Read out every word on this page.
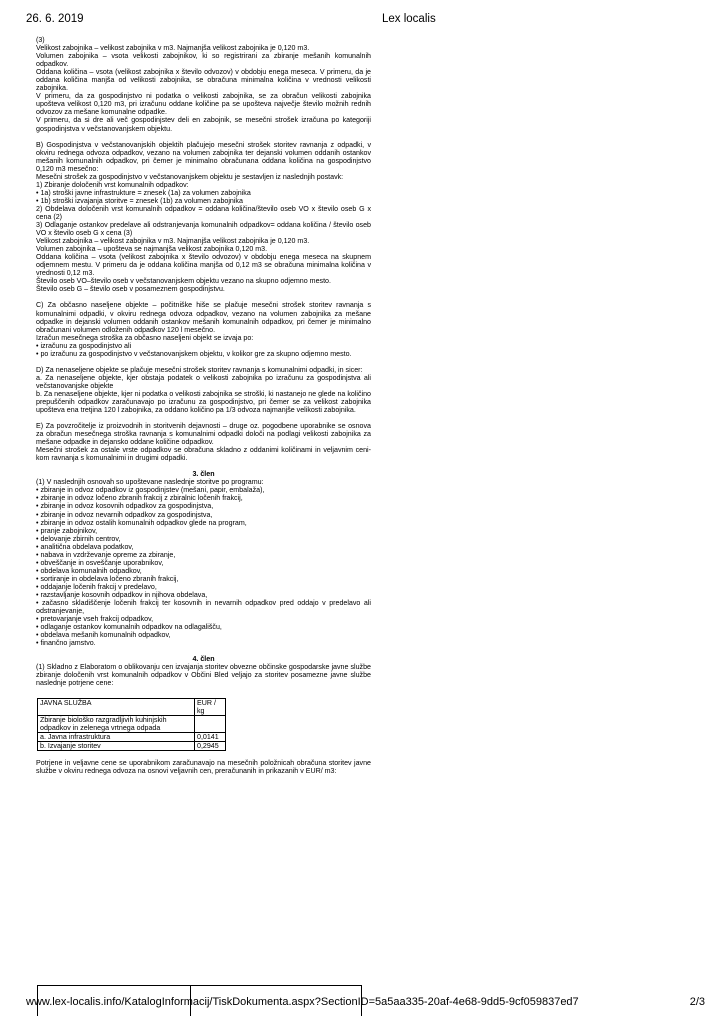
26. 6. 2019	Lex localis

(3)

Velikost zabojnika – velikost zabojnika v m3. Najmanjša velikost zabojnika je 0,120 m3.

Volumen zabojnika – vsota velikosti zabojnikov, ki so registrirani za zbiranje mešanih komunalnih odpadkov.

Oddana količina – vsota (velikost zabojnika x število odvozov) v obdobju enega meseca. V primeru, da je oddana količina manjša od velikosti zabojnika, se obračuna minimalna količina v vrednosti velikosti zabojnika.

V primeru, da za gospodinjstvo ni podatka o velikosti zabojnika, se za obračun velikosti zabojnika upošteva velikost 0,120 m3, pri izračunu oddane količine pa se upošteva največje število možnih rednih odvozov za mešane komunalne odpadke.

V primeru, da si dre ali več gospodinjstev deli en zabojnik, se mesečni strošek izračuna po kategoriji gospodinjstva v večstanovanjskem objektu.

B) Gospodinjstva v večstanovanjskih objektih plačujejo mesečni strošek storitev ravnanja z odpadki, v okviru rednega odvoza odpadkov, vezano na volumen zabojnika ter dejanski volumen oddanih ostankov mešanih komunalnih odpadkov, pri čemer je minimalno obračunana oddana količina na gospodinjstvo 0,120 m3 mesečno:

Mesečni strošek za gospodinjstvo v večstanovanjskem objektu je sestavljen iz naslednjih postavk:

1) Zbiranje določenih vrst komunalnih odpadkov:

• 1a) stroški javne infrastrukture = znesek (1a) za volumen zabojnika

• 1b) stroški izvajanja storitve = znesek (1b) za volumen zabojnika

2) Obdelava določenih vrst komunalnih odpadkov = oddana količina/število oseb VO x število oseb G x cena (2)

3) Odlaganje ostankov predelave ali odstranjevanja komunalnih odpadkov= oddana količina / število oseb VO x število oseb G x cena (3)

Velikost zabojnika – velikost zabojnika v m3. Najmanjša velikost zabojnika je 0,120 m3.

Volumen zabojnika – upošteva se najmanjša velikost zabojnika 0,120 m3.

Oddana količina – vsota (velikost zabojnika x število odvozov) v obdobju enega meseca na skupnem odjemnem mestu. V primeru da je oddana količina manjša od 0,12 m3 se obračuna minimalna količina v vrednosti 0,12 m3.

Število oseb VO–število oseb v večstanovanjskem objektu vezano na skupno odjemno mesto.

Število oseb G – število oseb v posameznem gospodinjstvu.

C) Za občasno naseljene objekte – počitniške hiše se plačuje mesečni strošek storitev ravnanja s komunalnimi odpadki, v okviru rednega odvoza odpadkov, vezano na volumen zabojnika za mešane odpadke in dejanski volumen oddanih ostankov mešanih komunalnih odpadkov, pri čemer je minimalno obračunani volumen odloženih odpadkov 120 l mesečno.

Izračun mesečnega stroška za občasno naseljeni objekt se izvaja po:

• izračunu za gospodinjstvo ali

• po izračunu za gospodinjstvo v večstanovanjskem objektu, v kolikor gre za skupno odjemno mesto.

D) Za nenaseljene objekte se plačuje mesečni strošek storitev ravnanja s komunalnimi odpadki, in sicer:

a. Za nenaseljene objekte, kjer obstaja podatek o velikosti zabojnika po izračunu za gospodinjstva ali večstanovanjske objekte

b. Za nenaseljene objekte, kjer ni podatka o velikosti zabojnika se stroški, ki nastanejo ne glede na količino prepuščenih odpadkov zaračunavajo po izračunu za gospodinjstvo, pri čemer se za velikost zabojnika upošteva ena tretjina 120 l zabojnika, za oddano količino pa 1/3 odvoza najmanjše velikosti zabojnika.

E) Za povzročitelje iz proizvodnih in storitvenih dejavnosti – druge oz. pogodbene uporabnike se osnova za obračun mesečnega stroška ravnanja s komunalnimi odpadki določi na podlagi velikosti zabojnika za mešane odpadke in dejansko oddane količine odpadkov.

Mesečni strošek za ostale vrste odpadkov se obračuna skladno z oddanimi količinami in veljavnim cenikom ravnanja s komunalnimi in drugimi odpadki.

3. člen

(1) V naslednjih osnovah so upoštevane naslednje storitve po programu:

• zbiranje in odvoz odpadkov iz gospodinjstev (mešani, papir, embalaža),

• zbiranje in odvoz ločeno zbranih frakcij z zbiralnic ločenih frakcij,

• zbiranje in odvoz kosovnih odpadkov za gospodinjstva,

• zbiranje in odvoz nevarnih odpadkov za gospodinjstva,

• zbiranje in odvoz ostalih komunalnih odpadkov glede na program,

• pranje zabojnikov,

• delovanje zbirnih centrov,

• analitična obdelava podatkov,

• nabava in vzdrževanje opreme za zbiranje,

• obveščanje in osveščanje uporabnikov,

• obdelava komunalnih odpadkov,

• sortiranje in obdelava ločeno zbranih frakcij,

• oddajanje ločenih frakcij v predelavo,

• razstavljanje kosovnih odpadkov in njihova obdelava,

• začasno skladiščenje ločenih frakcij ter kosovnih in nevarnih odpadkov pred oddajo v predelavo ali odstranjevanje,

• pretovarjanje vseh frakcij odpadkov,

• odlaganje ostankov komunalnih odpadkov na odlagališču,

• obdelava mešanih komunalnih odpadkov,

• finančno jamstvo.

4. člen

(1) Skladno z Elaboratom o oblikovanju cen izvajanja storitev obvezne občinske gospodarske javne službe zbiranje določenih vrst komunalnih odpadkov v Občini Bled veljajo za storitev posamezne javne službe naslednje potrjene cene:

JAVNA SLUŽBA	EUR / kg
Zbiranje biološko razgradljivih kuhinjskih odpadkov in zelenega vrtnega odpada	
a. Javna infrastruktura	0,0141
b. Izvajanje storitev	0,2945

Potrjene in veljavne cene se uporabnikom zaračunavajo na mesečnih položnicah obračuna storitev javne službe v okviru rednega odvoza na osnovi veljavnih cen, preračunanih in prikazanih v EUR/ m3:

www.lex-localis.info/KatalogInformacij/TiskDokumenta.aspx?SectionID=5a5aa335-20af-4e68-9dd5-9cf059837ed7	2/3
